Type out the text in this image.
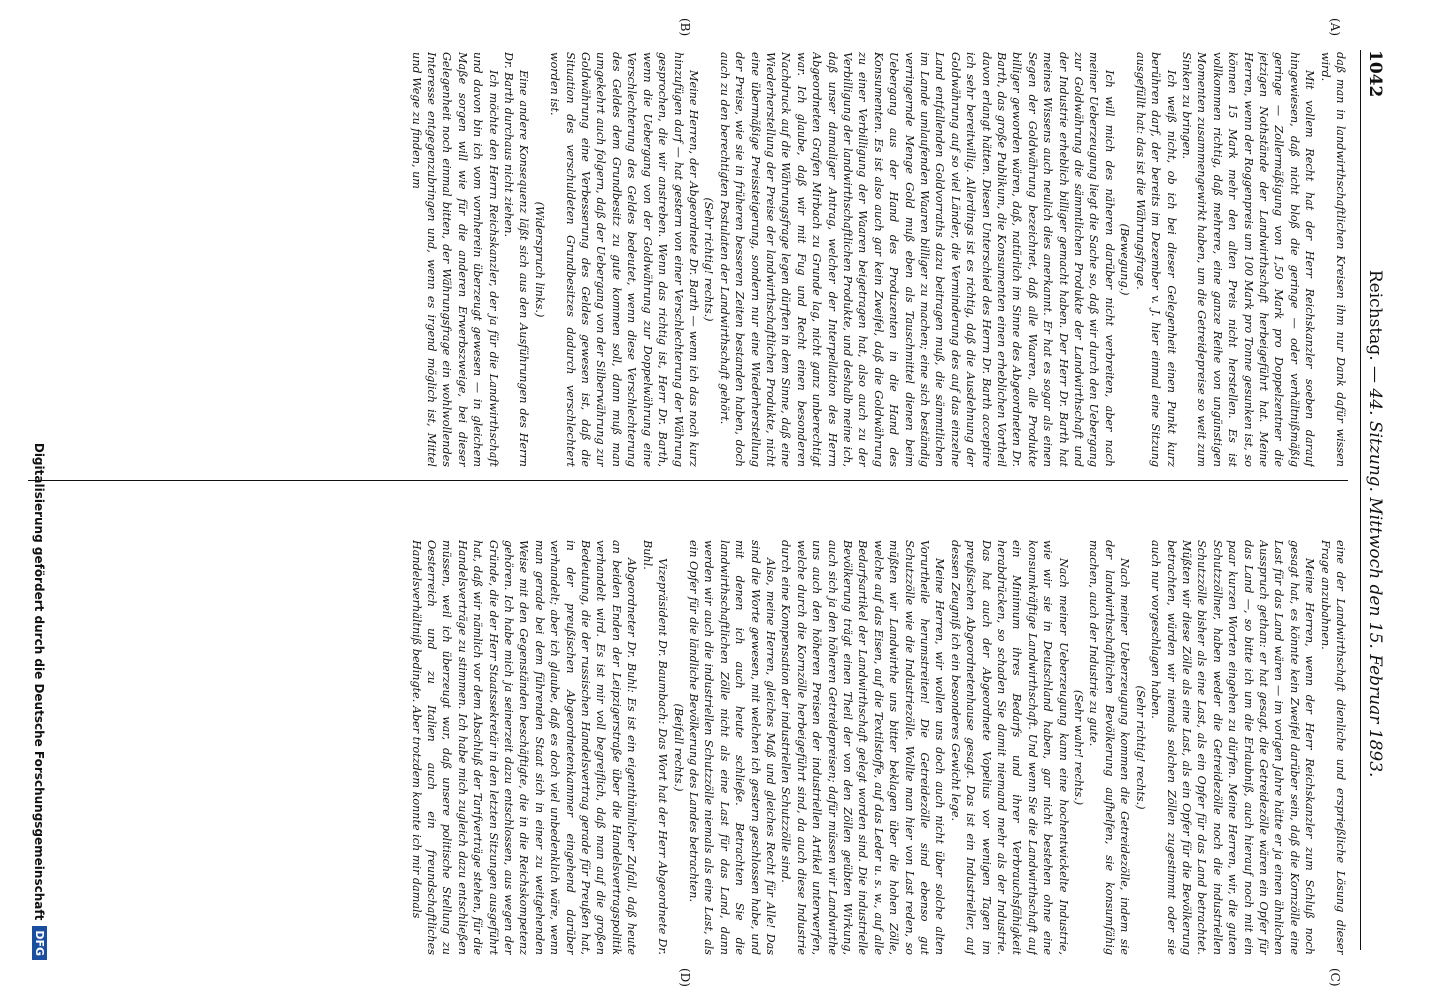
1042
Reichstag. — 44. Sitzung. Mittwoch den 15. Februar 1893.
(A)
(B)
(C)
(D)

daß man in landwirthschaftlichen Kreisen ihm nur Dank dafür wissen wird.

Mit vollem Recht hat der Herr Reichskanzler soeben darauf hingewiesen, daß nicht bloß die geringe — oder verhältnißmäßig geringe — Zollermäßigung von 1,50 Mark pro Doppelzentner die jetzigen Nothstände der Landwirthschaft herbeigeführt hat. Meine Herren, wenn der Roggenpreis um 100 Mark pro Tonne gesunken ist, so können 15 Mark mehr den alten Preis nicht herstellen. Es ist vollkommen richtig, daß mehrere, eine ganze Reihe von ungünstigen Momenten zusammengewirkt haben, um die Getreidepreise so weit zum Sinken zu bringen.

Ich weiß nicht, ob ich bei dieser Gelegenheit einen Punkt kurz berühren darf, der bereits im Dezember v. J. hier einmal eine Sitzung ausgefüllt hat: das ist die Währungsfrage.

(Bewegung.)

Ich will mich des näheren darüber nicht verbreiten, aber nach meiner Ueberzeugung liegt die Sache so, daß wir durch den Uebergang zur Goldwährung die sämmtlichen Produkte der Landwirthschaft und der Industrie erheblich billiger gemacht haben. Der Herr Dr. Barth hat meines Wissens auch neulich dies anerkannt. Er hat es sogar als einen Segen der Goldwährung bezeichnet, daß alle Waaren, alle Produkte billiger geworden wären, daß, natürlich im Sinne des Abgeordneten Dr. Barth, das große Publikum, die Konsumenten einen erheblichen Vortheil davon erlangt hätten. Diesen Unterschied des Herrn Dr. Barth acceptire ich sehr bereitwillig. Allerdings ist es richtig, daß die Ausdehnung der Goldwährung auf so viel Länder, die Verminderung des auf das einzelne Land entfallenden Goldvorraths dazu beitragen muß, die sämmtlichen im Lande umlaufenden Waaren billiger zu machen; eine sich beständig verringernde Menge Gold muß eben als Tauschmittel dienen beim Uebergang aus der Hand des Produzenten in die Hand des Konsumenten. Es ist also auch gar kein Zweifel, daß die Goldwährung zu einer Verbilligung der Waaren beigetragen hat, also auch zu der Verbilligung der landwirthschaftlichen Produkte, und deshalb meine ich, daß unser damaliger Antrag, welcher der Interpellation des Herrn Abgeordneten Grafen Mirbach zu Grunde lag, nicht ganz unberechtigt war. Ich glaube, daß wir mit Fug und Recht einen besonderen Nachdruck auf die Währungsfrage legen dürften in dem Sinne, daß eine Wiederherstellung der Preise der landwirthschaftlichen Produkte, nicht eine übermäßige Preissteigerung, sondern nur eine Wiederherstellung der Preise, wie sie in früheren besseren Zeiten bestanden haben, doch auch zu den berechtigten Postulaten der Landwirthschaft gehört.

(Sehr richtig! rechts.)

Meine Herren, der Abgeordnete Dr. Barth — wenn ich das noch kurz hinzufügen darf — hat gestern von einer Verschlechterung der Währung gesprochen, die wir anstreben. Wenn das richtig ist, Herr Dr. Barth, wenn die Uebergang von der Goldwährung zur Doppelwährung eine Verschlechterung des Geldes bedeutet, wenn diese Verschlechterung des Geldes dem Grundbesitz zu gute kommen soll, dann muß man umgekehrt auch folgern, daß der Uebergang von der Silberwährung zur Goldwährung eine Verbesserung des Geldes gewesen ist, daß die Situation des verschuldeten Grundbesitzes dadurch verschlechtert worden ist.

(Widerspruch links.)

Eine andere Konsequenz läßt sich aus den Ausführungen des Herrn Dr. Barth durchaus nicht ziehen.

Ich möchte den Herrn Reichskanzler, der ja für die Landwirthschaft und davon bin ich vom vornherein überzeugt gewesen — in gleichem Maße sorgen will wie für die anderen Erwerbszweige, bei dieser Gelegenheit noch einmal bitten, der Währungsfrage ein wohlwollendes Interesse entgegenzubringen und, wenn es irgend möglich ist, Mittel und Wege zu finden, um

eine der Landwirthschaft dienliche und ersprießliche Lösung dieser Frage anzubahnen.

Meine Herren, wenn der Herr Reichskanzler zum Schluß noch gesagt hat, es könnte kein Zweifel darüber sein, daß die Kornzölle eine Last für das Land wären — im vorigen Jahre hätte er ja einen ähnlichen Ausspruch gethan: er hat gesagt, die Getreidezölle wären ein Opfer für das Land —, so bitte ich um die Erlaubniß, auch hierauf noch mit ein paar kurzen Worten eingehen zu dürfen. Meine Herren, wir, die guten Schutzzöllner, haben weder die Getreidezölle noch die industriellen Schutzzölle bisher als eine Last, als ein Opfer für das Land betrachtet. Müßten wir diese Zölle als eine Last, als ein Opfer für die Bevölkerung betrachten, würden wir niemals solchen Zöllen zugestimmt oder sie auch nur vorgeschlagen haben.

(Sehr richtig! rechts.)

Nach meiner Ueberzeugung kommen die Getreidezölle, indem sie der landwirthschaftlichen Bevölkerung aufhelfen, sie konsumfähig machen, auch der Industrie zu gute.

(Sehr wahr! rechts.)

Nach meiner Ueberzeugung kann eine hochentwickelte Industrie, wie wir sie in Deutschland haben, gar nicht bestehen ohne eine konsumkräftige Landwirthschaft. Und wenn Sie die Landwirthschaft auf ein Minimum ihres Bedarfs und ihrer Verbrauchsfähigkeit herabdrücken, so schaden Sie damit niemand mehr als der Industrie. Das hat auch der Abgeordnete Vopelius vor wenigen Tagen im preußischen Abgeordnetenhause gesagt. Das ist ein Industrieller, auf dessen Zeugniß ich ein besonderes Gewicht lege.

Meine Herren, wir wollen uns doch auch nicht über solche alten Vorurtheile herumstreiten! Die Getreidezölle sind ebenso gut Schutzzölle wie die Industriezölle. Wollte man hier von Last reden, so müßten wir Landwirthe uns bitter beklagen über die hohen Zölle, welche auf das Eisen, auf die Textilstoffe, auf das Leder u. s. w., auf alle Bedarfsartikel der Landwirthschaft gelegt worden sind. Die industrielle Bevölkerung trägt einen Theil der von den Zöllen geübten Wirkung, auch sich ja den höheren Getreidepreisen; dafür müssen wir Landwirthe uns auch den höheren Preisen der industriellen Artikel unterwerfen, welche durch die Kornzölle herbeigeführt sind, da auch diese Industrie durch eine Kompensation der industriellen Schutzzölle sind.

Also, meine Herren, gleiches Maß und gleiches Recht für Alle! Das sind die Worte gewesen, mit welchen ich gestern geschlossen habe, und mit denen ich auch heute schließe. Betrachten Sie die landwirthschaftlichen Zölle nicht als eine Last für das Land, dann werden wir auch die industriellen Schutzzölle niemals als eine Last, als ein Opfer für die ländliche Bevölkerung des Landes betrachten.

(Beifall rechts.)

Vizepräsident Dr. Baumbach: Das Wort hat der Herr Abgeordnete Dr. Buhl.

Abgeordneter Dr. Buhl: Es ist ein eigenthümlicher Zufall, daß heute an beiden Enden der Leipzigerstraße über die Handelsvertragspolitik verhandelt wird. Es ist mir voll begreiflich, daß man auf die großen Bedeutung, die der russischen Handelsvertrag gerade für Preußen hat, in der preußischen Abgeordnetenkammer eingehend darüber verhandelt; aber ich glaube, daß es doch viel unbedenklich wäre, wenn man gerade bei dem führenden Staat sich in einer zu weitgehenden Weise mit den Gegenständen beschäftigte, die in die Reichskompetenz gehören. Ich habe mich ja seinerzeit dazu entschlossen, aus wegen der Gründe, die der Herr Staatssekretär in den letzten Sitzungen ausgeführt hat, daß wir nämlich vor dem Abschluß der Tarifverträge stehen, für die Handelsverträge zu stimmen. Ich habe mich zugleich dazu entschließen müssen, weil ich überzeugt war, daß unsere politische Stellung zu Oesterreich und zu Italien auch ein freundschaftliches Handelsverhältniß bedingte. Aber trotzdem konnte ich mir damals

Digitalisierung gefördert durch die Deutsche Forschungsgemeinschaft
DFG
